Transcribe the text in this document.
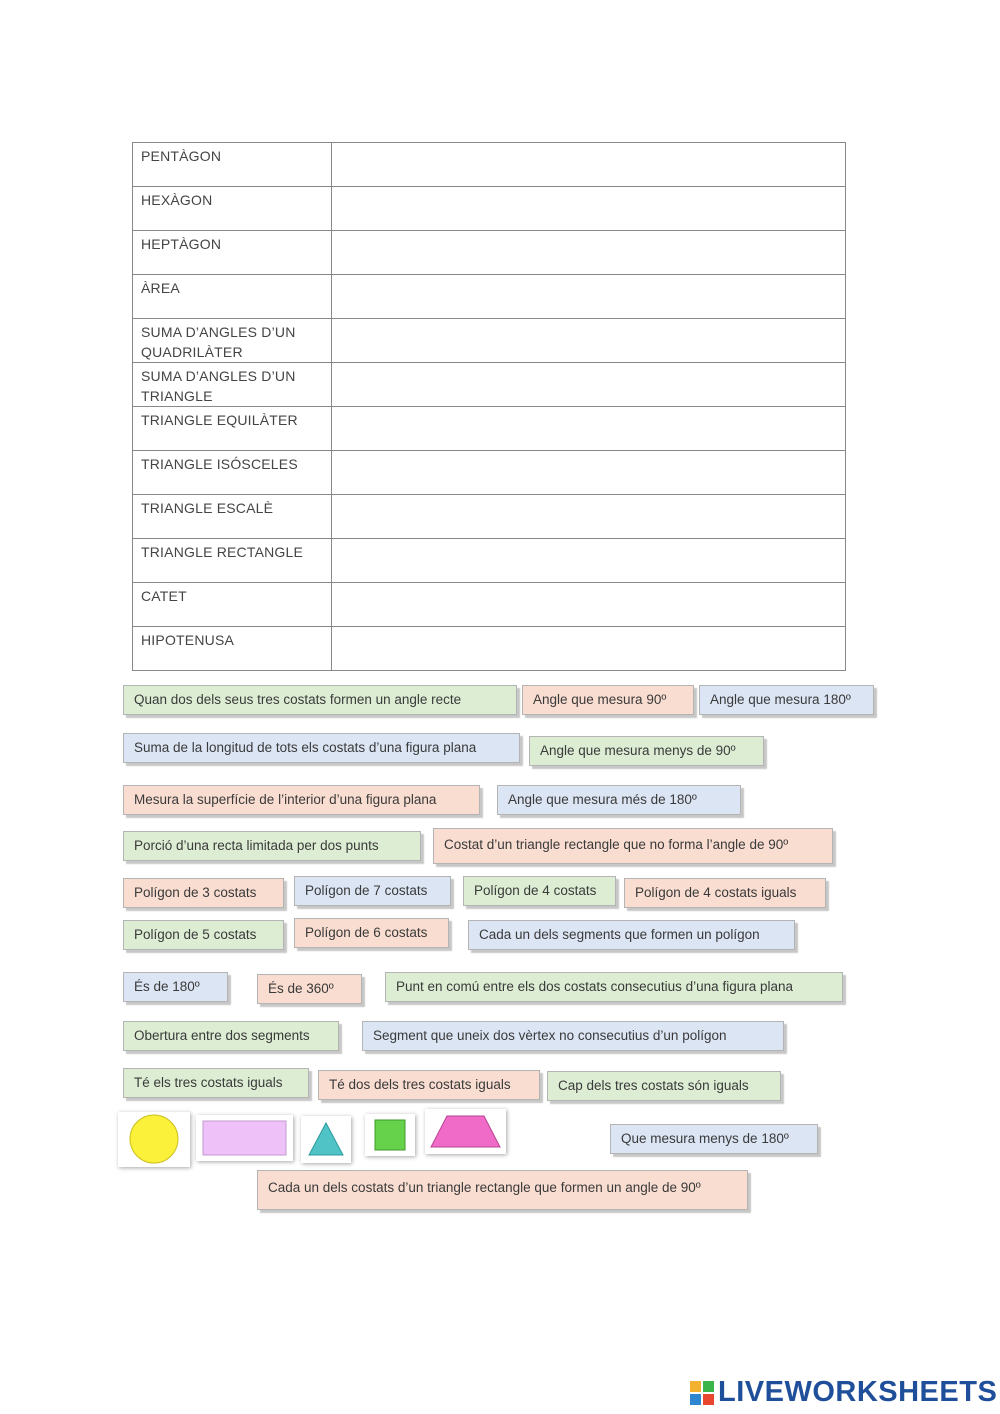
PENTÀGON	
HEXÀGON	
HEPTÀGON	
ÀREA	
SUMA D’ANGLES D’UN QUADRILÀTER	
SUMA D’ANGLES D’UN TRIANGLE	
TRIANGLE EQUILÀTER	
TRIANGLE ISÓSCELES	
TRIANGLE ESCALÈ	
TRIANGLE RECTANGLE	
CATET	
HIPOTENUSA	
Quan dos dels seus tres costats formen un angle recte	Angle que mesura 90º	Angle que mesura 180º
Suma de la longitud de tots els costats d’una figura plana	Angle que mesura menys de 90º
Mesura la superfície de l’interior d’una figura plana	Angle que mesura més de 180º
Porció d’una recta limitada per dos punts	Costat d’un triangle rectangle que no forma l’angle de 90º
Polígon de 3 costats	Polígon de 7 costats	Polígon de 4 costats	Polígon de 4 costats iguals
Polígon de 5 costats	Polígon de 6 costats	Cada un dels segments que formen un polígon
És de 180º	És de 360º	Punt en comú entre els dos costats consecutius d’una figura plana
Obertura entre dos segments	Segment que uneix dos vèrtex no consecutius d’un polígon
Té els tres costats iguals	Té dos dels tres costats iguals	Cap dels tres costats són iguals
Que mesura menys de 180º
Cada un dels costats d’un triangle rectangle que formen un angle de 90º
LIVEWORKSHEETS
